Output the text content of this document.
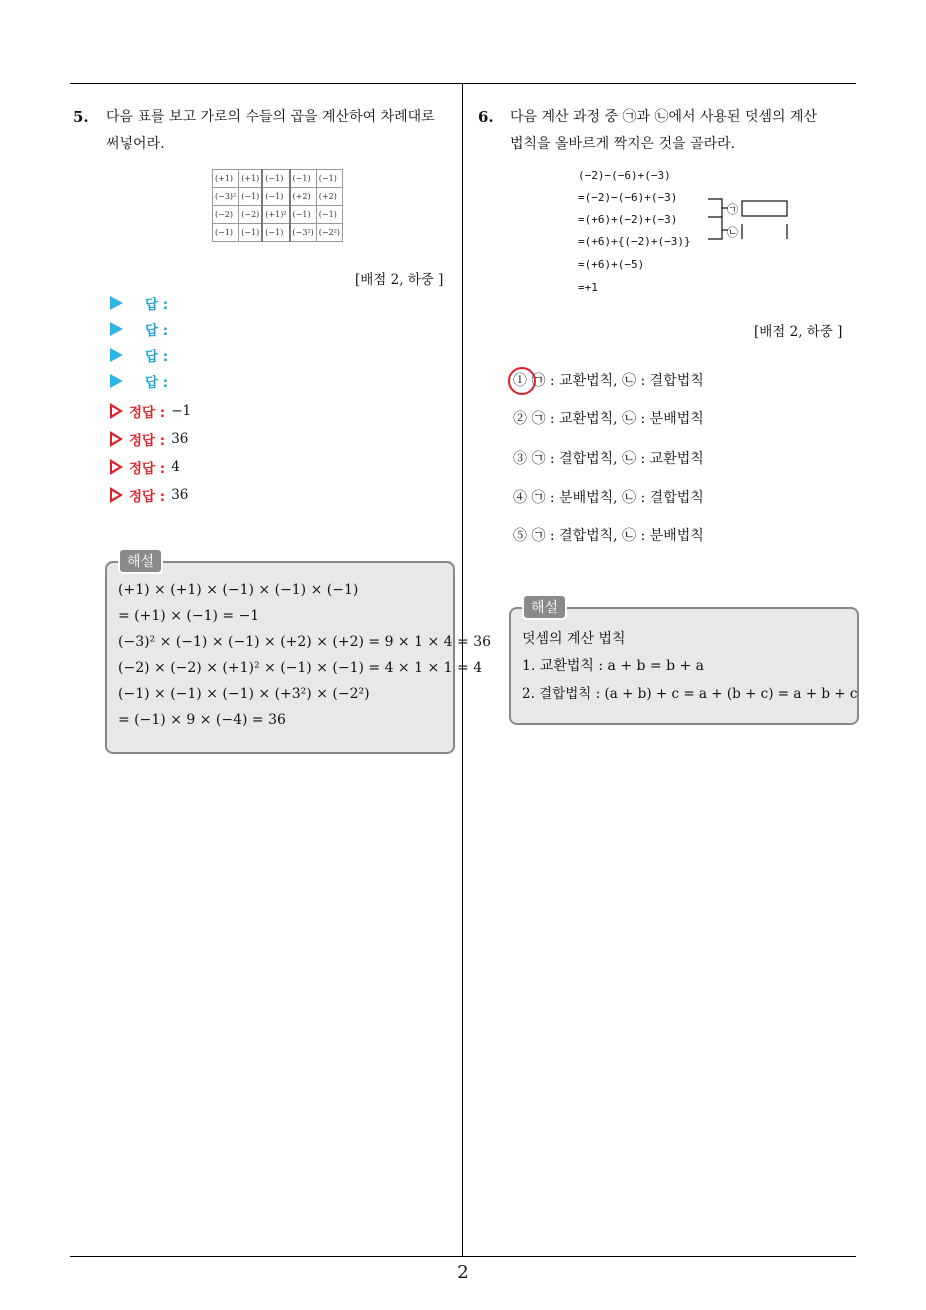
5. 다음 표를 보고 가로의 수들의 곱을 계산하여 차례대로
써넣어라.
(+1)	(+1)	(−1)	(−1)	(−1)
(−3)²	(−1)	(−1)	(+2)	(+2)
(−2)	(−2)	(+1)²	(−1)	(−1)
(−1)	(−1)	(−1)	(−3²)	(−2²)
[배점 2, 하중 ]
답 :
답 :
답 :
답 :
정답 : −1
정답 : 36
정답 : 4
정답 : 36
해설
(+1) × (+1) × (−1) × (−1) × (−1)
= (+1) × (−1) = −1
(−3)² × (−1) × (−1) × (+2) × (+2) = 9 × 1 × 4 = 36
(−2) × (−2) × (+1)² × (−1) × (−1) = 4 × 1 × 1 = 4
(−1) × (−1) × (−1) × (+3²) × (−2²)
= (−1) × 9 × (−4) = 36
6. 다음 계산 과정 중 ㉠과 ㉡에서 사용된 덧셈의 계산
법칙을 올바르게 짝지은 것을 골라라.
(−2)−(−6)+(−3)
=(−2)−(−6)+(−3)
=(+6)+(−2)+(−3)
=(+6)+{(−2)+(−3)}
=(+6)+(−5)
=+1
㉠
㉡
[배점 2, 하중 ]
① ㉠ : 교환법칙, ㉡ : 결합법칙
② ㉠ : 교환법칙, ㉡ : 분배법칙
③ ㉠ : 결합법칙, ㉡ : 교환법칙
④ ㉠ : 분배법칙, ㉡ : 결합법칙
⑤ ㉠ : 결합법칙, ㉡ : 분배법칙
해설
덧셈의 계산 법칙
1. 교환법칙 : a + b = b + a
2. 결합법칙 : (a + b) + c = a + (b + c) = a + b + c
2
